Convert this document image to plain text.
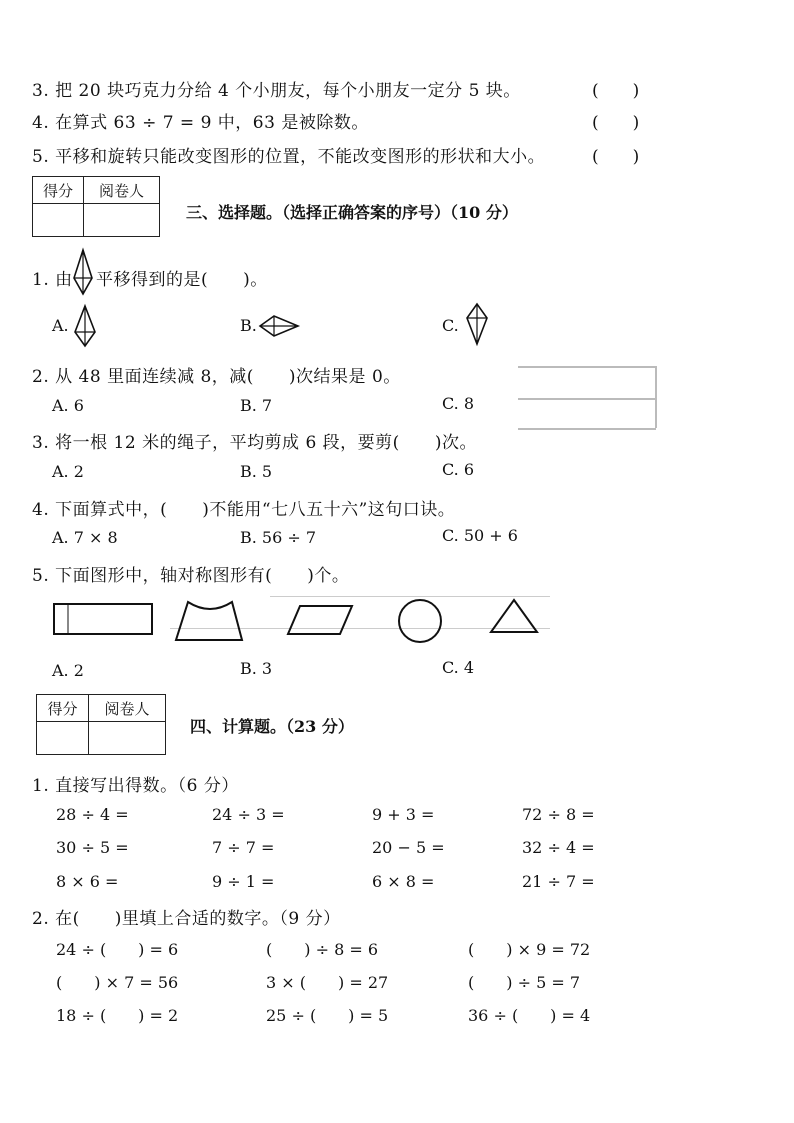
3. 把 20 块巧克力分给 4 个小朋友，每个小朋友一定分 5 块。	(　　)
4. 在算式 63 ÷ 7 = 9 中，63 是被除数。	(　　)
5. 平移和旋转只能改变图形的位置，不能改变图形的形状和大小。	(　　)
得分	阅卷人

三、选择题。（选择正确答案的序号）（10 分）
1. 由 平移得到的是(　　)。
A.	B.	C.
2. 从 48 里面连续减 8，减(　　)次结果是 0。
A. 6	B. 7	C. 8
3. 将一根 12 米的绳子，平均剪成 6 段，要剪(　　)次。
A. 2	B. 5	C. 6
4. 下面算式中，(　　)不能用“七八五十六”这句口诀。
A. 7 × 8	B. 56 ÷ 7	C. 50 + 6
5. 下面图形中，轴对称图形有(　　)个。
A. 2	B. 3	C. 4
得分	阅卷人

四、计算题。（23 分）
1. 直接写出得数。（6 分）
28 ÷ 4 =	24 ÷ 3 =	9 + 3 =	72 ÷ 8 =
30 ÷ 5 =	7 ÷ 7 =	20 − 5 =	32 ÷ 4 =
8 × 6 =	9 ÷ 1 =	6 × 8 =	21 ÷ 7 =
2. 在(　　)里填上合适的数字。（9 分）
24 ÷ (　　) = 6	(　　) ÷ 8 = 6	(　　) × 9 = 72
(　　) × 7 = 56	3 × (　　) = 27	(　　) ÷ 5 = 7
18 ÷ (　　) = 2	25 ÷ (　　) = 5	36 ÷ (　　) = 4
